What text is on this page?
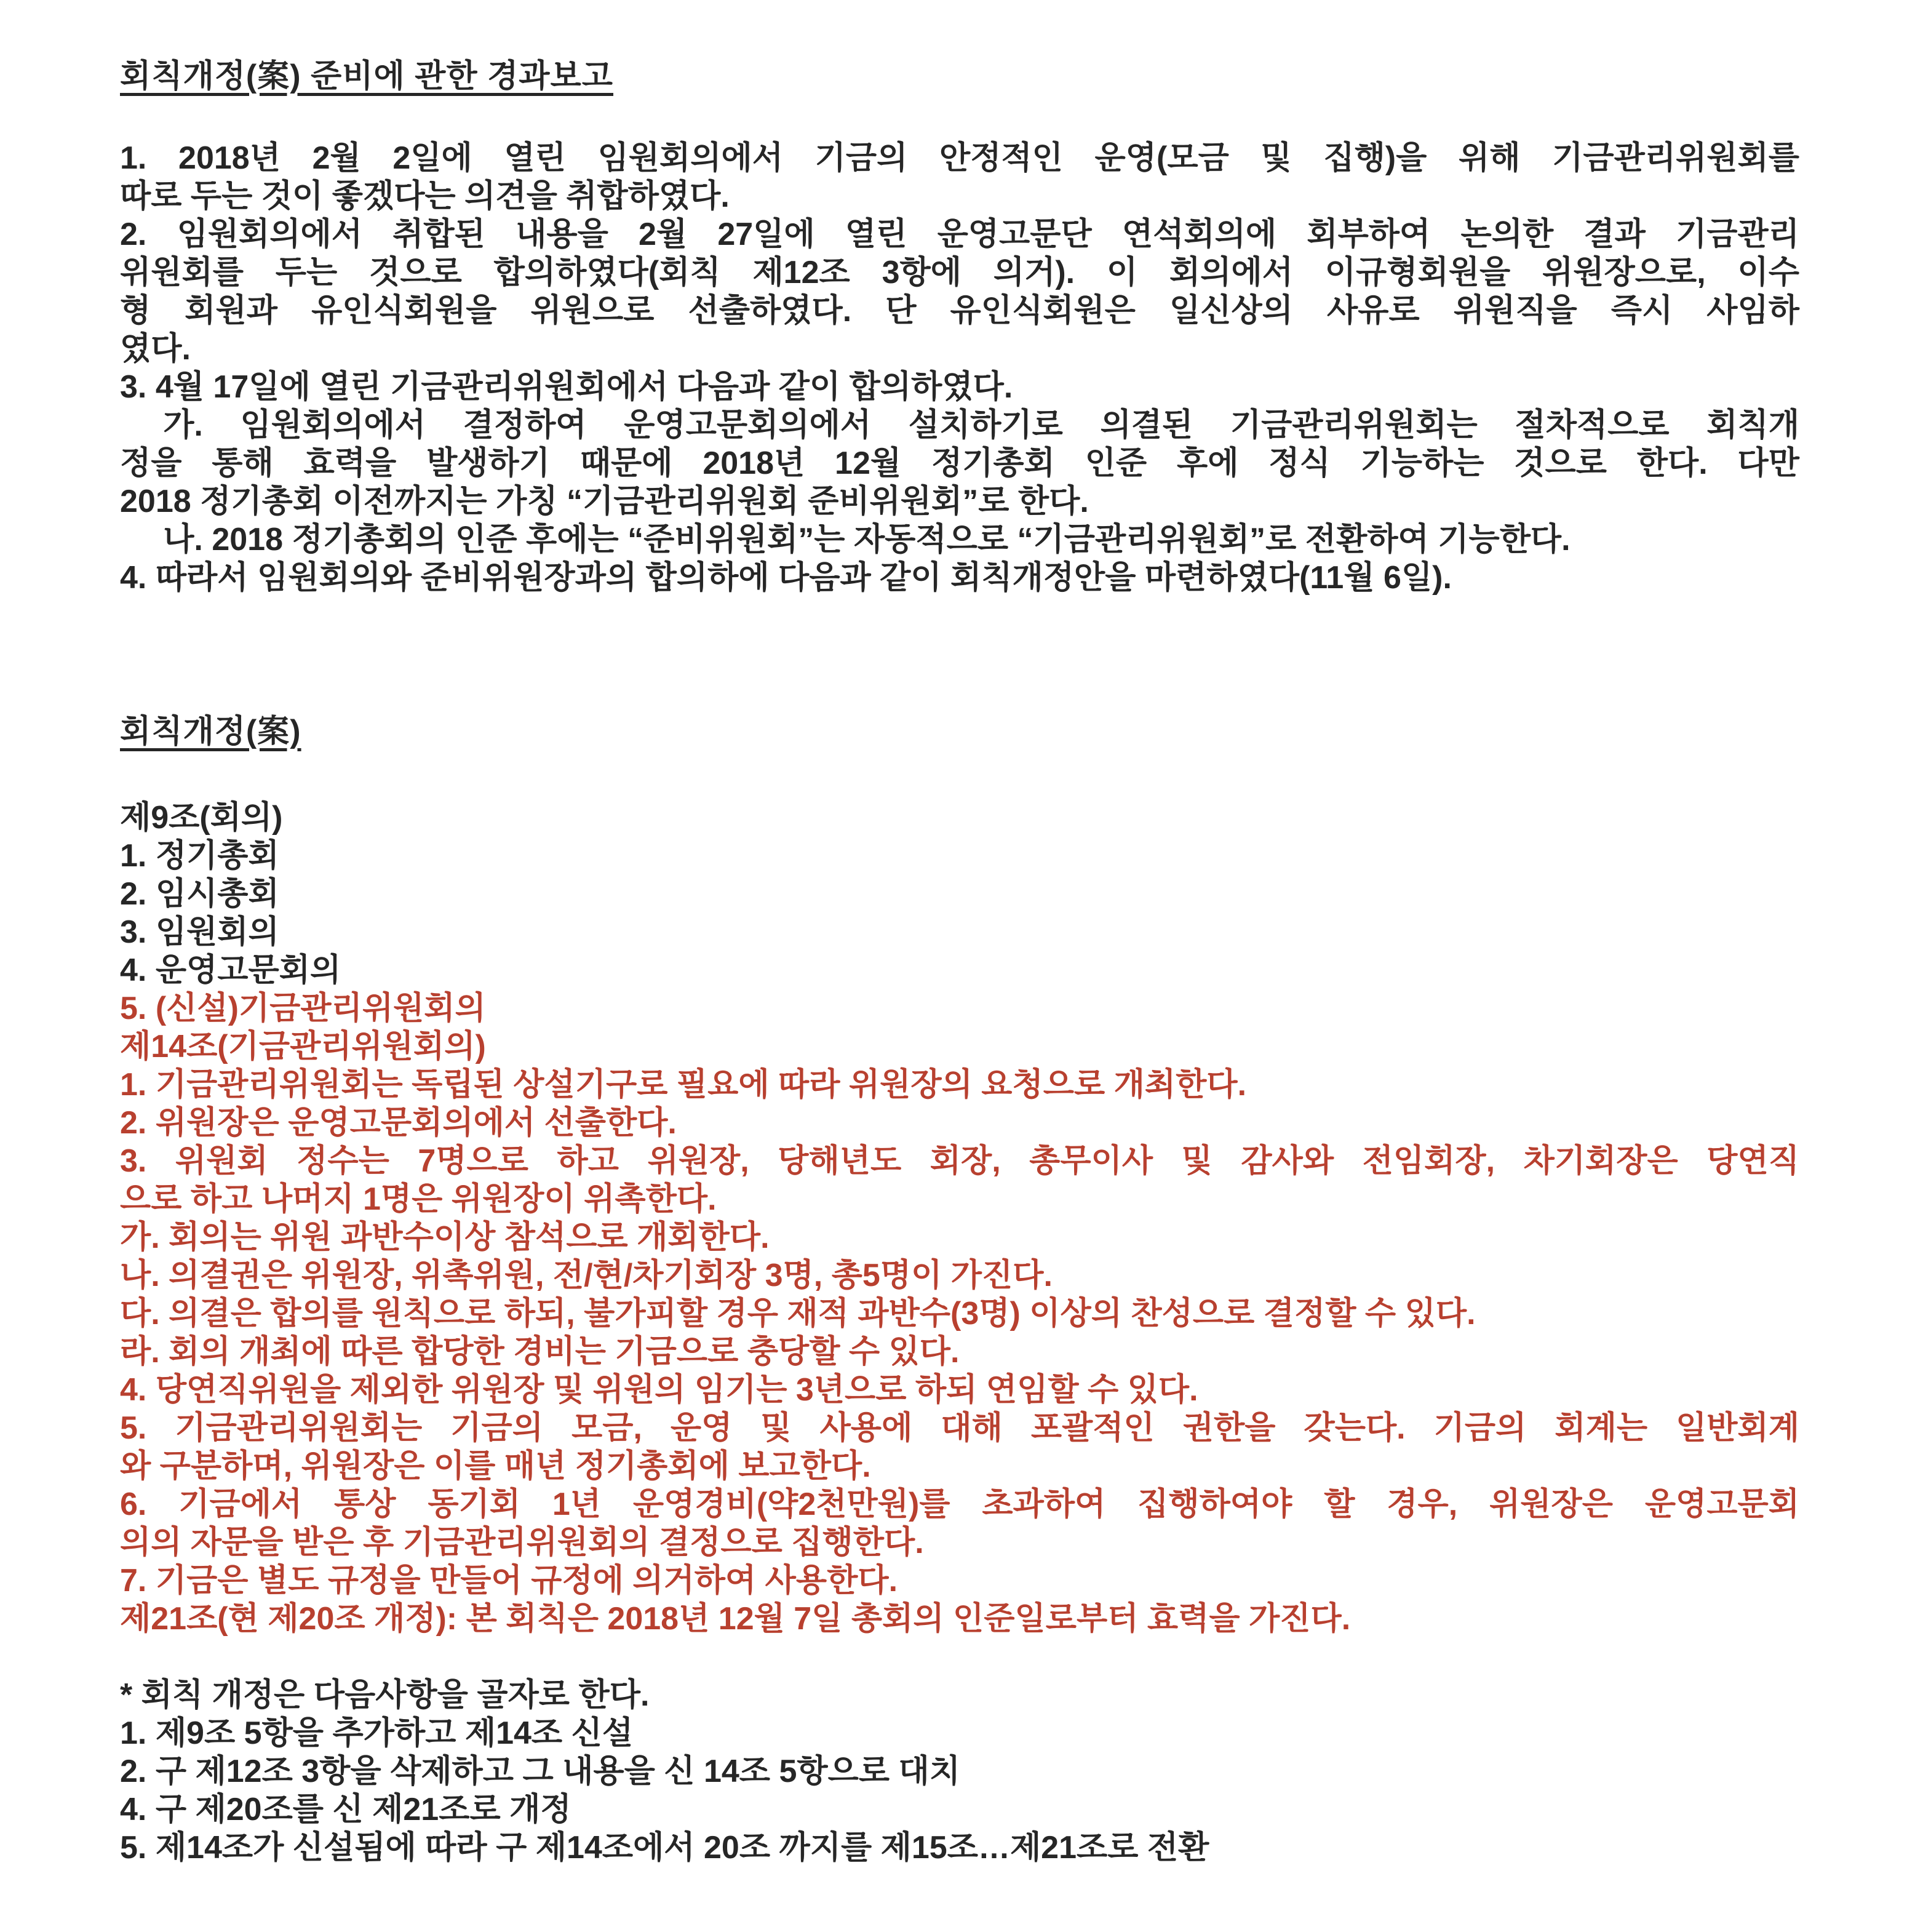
회칙개정(案) 준비에 관한 경과보고

1. 2018년 2월 2일에 열린 임원회의에서 기금의 안정적인 운영(모금 및 집행)을 위해 기금관리위원회를

따로 두는 것이 좋겠다는 의견을 취합하였다.

2. 임원회의에서 취합된 내용을 2월 27일에 열린 운영고문단 연석회의에 회부하여 논의한 결과 기금관리

위원회를 두는 것으로 합의하였다(회칙 제12조 3항에 의거). 이 회의에서 이규형회원을 위원장으로, 이수

형 회원과 유인식회원을 위원으로 선출하였다. 단 유인식회원은 일신상의 사유로 위원직을 즉시 사임하

였다.

3. 4월 17일에 열린 기금관리위원회에서 다음과 같이 합의하였다.

가. 임원회의에서 결정하여 운영고문회의에서 설치하기로 의결된 기금관리위원회는 절차적으로 회칙개

정을 통해 효력을 발생하기 때문에 2018년 12월 정기총회 인준 후에 정식 기능하는 것으로 한다. 다만

2018 정기총회 이전까지는 가칭 “기금관리위원회 준비위원회”로 한다.

나. 2018 정기총회의 인준 후에는 “준비위원회”는 자동적으로 “기금관리위원회”로 전환하여 기능한다.

4. 따라서 임원회의와 준비위원장과의 합의하에 다음과 같이 회칙개정안을 마련하였다(11월 6일).

회칙개정(案)

제9조(회의)

1. 정기총회

2. 임시총회

3. 임원회의

4. 운영고문회의

5. (신설)기금관리위원회의

제14조(기금관리위원회의)

1. 기금관리위원회는 독립된 상설기구로 필요에 따라 위원장의 요청으로 개최한다.

2. 위원장은 운영고문회의에서 선출한다.

3. 위원회 정수는 7명으로 하고 위원장, 당해년도 회장, 총무이사 및 감사와 전임회장, 차기회장은 당연직

으로 하고 나머지 1명은 위원장이 위촉한다.

가. 회의는 위원 과반수이상 참석으로 개회한다.

나. 의결권은 위원장, 위촉위원, 전/현/차기회장 3명, 총5명이 가진다.

다. 의결은 합의를 원칙으로 하되, 불가피할 경우 재적 과반수(3명) 이상의 찬성으로 결정할 수 있다.

라. 회의 개최에 따른 합당한 경비는 기금으로 충당할 수 있다.

4. 당연직위원을 제외한 위원장 및 위원의 임기는 3년으로 하되 연임할 수 있다.

5. 기금관리위원회는 기금의 모금, 운영 및 사용에 대해 포괄적인 권한을 갖는다. 기금의 회계는 일반회계

와 구분하며, 위원장은 이를 매년 정기총회에 보고한다.

6. 기금에서 통상 동기회 1년 운영경비(약2천만원)를 초과하여 집행하여야 할 경우, 위원장은 운영고문회

의의 자문을 받은 후 기금관리위원회의 결정으로 집행한다.

7. 기금은 별도 규정을 만들어 규정에 의거하여 사용한다.

제21조(현 제20조 개정): 본 회칙은 2018년 12월 7일 총회의 인준일로부터 효력을 가진다.

* 회칙 개정은 다음사항을 골자로 한다.

1. 제9조 5항을 추가하고 제14조 신설

2. 구 제12조 3항을 삭제하고 그 내용을 신 14조 5항으로 대치

4. 구 제20조를 신 제21조로 개정

5. 제14조가 신설됨에 따라 구 제14조에서 20조 까지를 제15조…제21조로 전환
